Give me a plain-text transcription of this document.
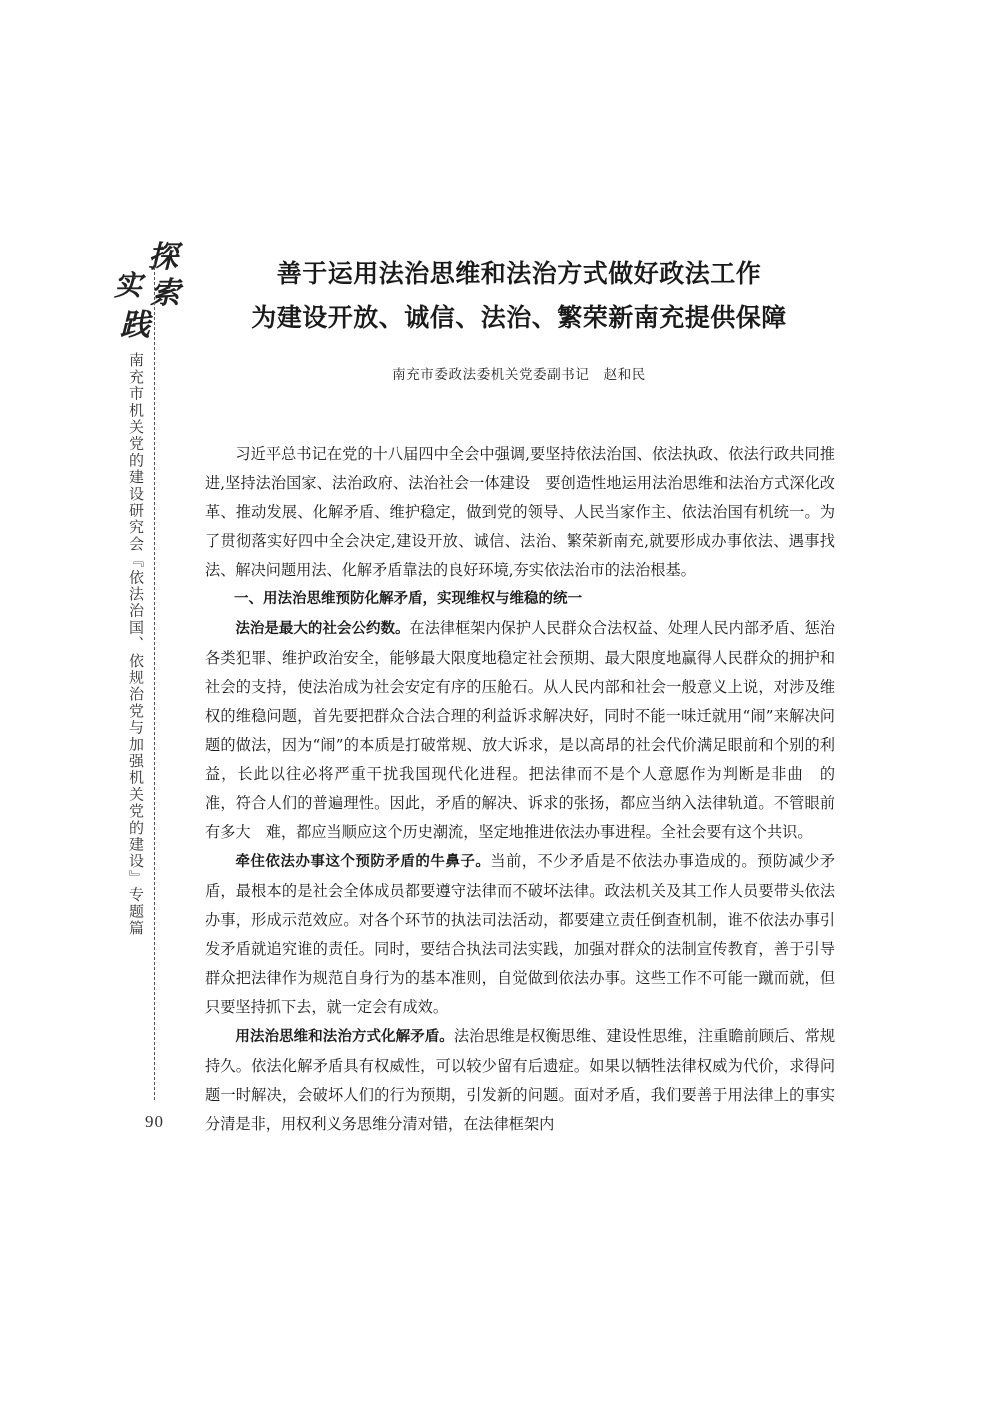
探
索
实
践
南充市机关党的建设研究会『依法治国、依规治党与加强机关党的建设』专题篇
90
善于运用法治思维和法治方式做好政法工作
为建设开放、诚信、法治、繁荣新南充提供保障
南充市委政法委机关党委副书记　赵和民

习近平总书记在党的十八届四中全会中强调,要坚持依法治国、依法执政、依法行政共同推进,坚持法治国家、法治政府、法治社会一体建设　要创造性地运用法治思维和法治方式深化改革、推动发展、化解矛盾、维护稳定，做到党的领导、人民当家作主、依法治国有机统一。为了贯彻落实好四中全会决定,建设开放、诚信、法治、繁荣新南充,就要形成办事依法、遇事找法、解决问题用法、化解矛盾靠法的良好环境,夯实依法治市的法治根基。

一、用法治思维预防化解矛盾，实现维权与维稳的统一

法治是最大的社会公约数。在法律框架内保护人民群众合法权益、处理人民内部矛盾、惩治各类犯罪、维护政治安全，能够最大限度地稳定社会预期、最大限度地赢得人民群众的拥护和社会的支持，使法治成为社会安定有序的压舱石。从人民内部和社会一般意义上说，对涉及维权的维稳问题，首先要把群众合法合理的利益诉求解决好，同时不能一味迁就用“闹”来解决问题的做法，因为“闹”的本质是打破常规、放大诉求，是以高昂的社会代价满足眼前和个别的利益，长此以往必将严重干扰我国现代化进程。把法律而不是个人意愿作为判断是非曲　的　准，符合人们的普遍理性。因此，矛盾的解决、诉求的张扬，都应当纳入法律轨道。不管眼前有多大　难，都应当顺应这个历史潮流，坚定地推进依法办事进程。全社会要有这个共识。

牵住依法办事这个预防矛盾的牛鼻子。当前，不少矛盾是不依法办事造成的。预防减少矛盾，最根本的是社会全体成员都要遵守法律而不破坏法律。政法机关及其工作人员要带头依法办事，形成示范效应。对各个环节的执法司法活动，都要建立责任倒查机制，谁不依法办事引发矛盾就追究谁的责任。同时，要结合执法司法实践，加强对群众的法制宣传教育，善于引导群众把法律作为规范自身行为的基本准则，自觉做到依法办事。这些工作不可能一蹴而就，但只要坚持抓下去，就一定会有成效。

用法治思维和法治方式化解矛盾。法治思维是权衡思维、建设性思维，注重瞻前顾后、常规持久。依法化解矛盾具有权威性，可以较少留有后遗症。如果以牺牲法律权威为代价，求得问题一时解决，会破坏人们的行为预期，引发新的问题。面对矛盾，我们要善于用法律上的事实分清是非，用权利义务思维分清对错，在法律框架内
